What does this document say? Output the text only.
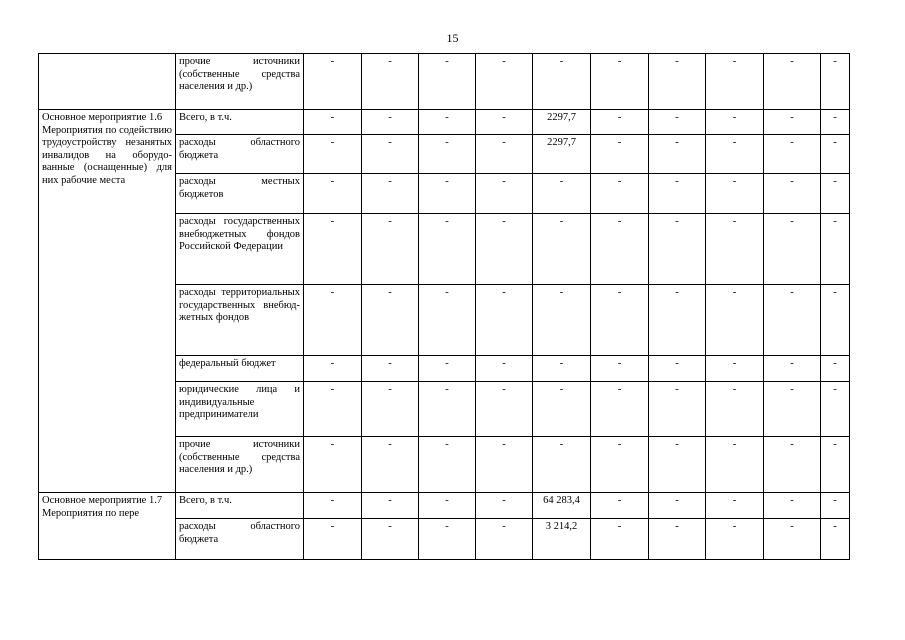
15
	прочие источники (собственные средства населения и др.)	-	-	-	-	-	-	-	-	-	-
Основное мероприятие 1.6
Мероприятия по содействию трудоустройству незанятых инвалидов на оборудованные (оснащенные) для них рабочие места	Всего, в т.ч.	-	-	-	-	2297,7	-	-	-	-	-
	расходы областного бюджета	-	-	-	-	2297,7	-	-	-	-	-
	расходы местных бюджетов	-	-	-	-	-	-	-	-	-	-
	расходы государственных внебюджетных фондов Российской Федерации	-	-	-	-	-	-	-	-	-	-
	расходы территориальных государственных внебюджетных фондов	-	-	-	-	-	-	-	-	-	-
	федеральный бюджет	-	-	-	-	-	-	-	-	-	-
	юридические лица и индивидуальные предприниматели	-	-	-	-	-	-	-	-	-	-
	прочие источники (собственные средства населения и др.)	-	-	-	-	-	-	-	-	-	-
Основное мероприятие 1.7
Мероприятия по пере	Всего, в т.ч.	-	-	-	-	64 283,4	-	-	-	-	-
	расходы областного бюджета	-	-	-	-	3 214,2	-	-	-	-	-
